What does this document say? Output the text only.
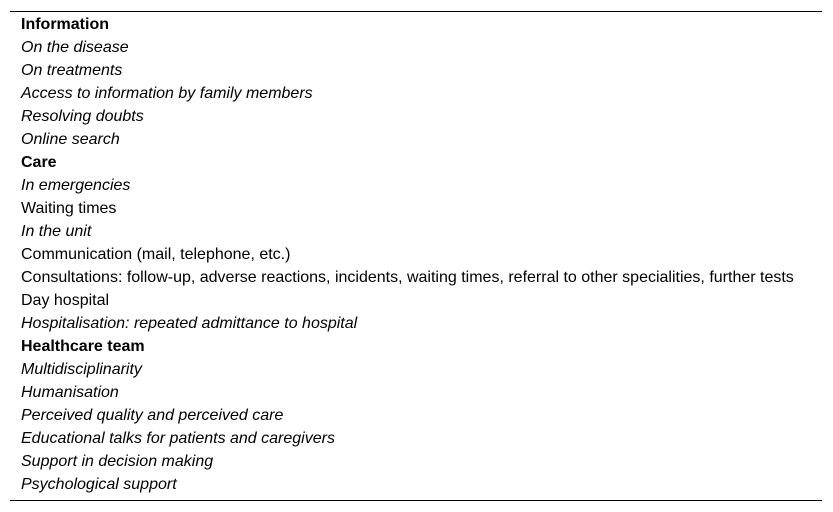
Information
On the disease
On treatments
Access to information by family members
Resolving doubts
Online search
Care
In emergencies
Waiting times
In the unit
Communication (mail, telephone, etc.)
Consultations: follow-up, adverse reactions, incidents, waiting times, referral to other specialities, further tests
Day hospital
Hospitalisation: repeated admittance to hospital
Healthcare team
Multidisciplinarity
Humanisation
Perceived quality and perceived care
Educational talks for patients and caregivers
Support in decision making
Psychological support
